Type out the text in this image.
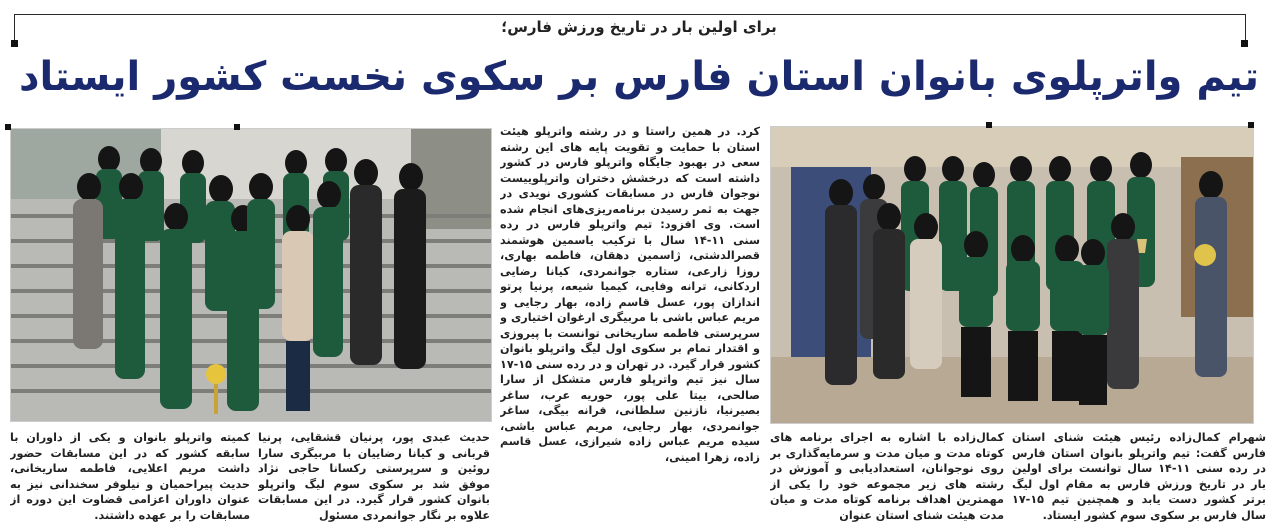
برای اولین بار در تاریخ ورزش فارس؛
تیم واترپلوی بانوان استان فارس بر سکوی نخست کشور ایستاد

کرد. در همین راستا و در رشته واترپلو هیئت استان با حمایت و تقویت پایه های این رشته سعی در بهبود جایگاه واترپلو فارس در کشور داشته است که درخشش دختران واترپلوییست نوجوان فارس در مسابقات کشوری نویدی در جهت به ثمر رسیدن برنامه‌ریزی‌های انجام شده است. وی افزود: تیم واترپلو فارس در رده سنی ۱۱-۱۴ سال با ترکیب یاسمین هوشمند قصرالدشتی، ژاسمین دهقان، فاطمه بهاری، روزا زارعی، ستاره جوانمردی، کیانا رضایی اردکانی، ترانه وفایی، کیمیا شیعه، پرنیا پرتو اندازان پور، عسل قاسم زاده، بهار رجایی و مریم عباس باشی با مربیگری ارغوان اختیاری و سرپرستی فاطمه ساریخانی توانست با پیروزی و اقتدار تمام بر سکوی اول لیگ واترپلو بانوان کشور قرار گیرد. در تهران و در رده سنی ۱۵-۱۷ سال نیز تیم واترپلو فارس متشکل از سارا صالحی، بیتا علی پور، حوریه عرب، ساغر بصیرنیا، نازنین سلطانی، فرانه بیگی، ساغر جوانمردی، بهار رجایی، مریم عباس باشی، سیده مریم عباس زاده شیرازی، عسل قاسم زاده، زهرا امینی،

شهرام کمال‌زاده رئیس هیئت شنای استان فارس گفت: تیم واترپلو بانوان استان فارس در رده سنی ۱۱-۱۴ سال توانست برای اولین بار در تاریخ ورزش فارس به مقام اول لیگ برتر کشور دست یابد و همچنین تیم ۱۵-۱۷ سال فارس بر سکوی سوم کشور ایستاد.

کمال‌زاده با اشاره به اجرای برنامه های کوتاه مدت و میان مدت و سرمایه‌گذاری بر روی نوجوانان، استعدادیابی و آموزش در رشته های زیر مجموعه خود را یکی از مهمترین اهداف برنامه کوتاه مدت و میان مدت هیئت شنای استان عنوان

حدیث عبدی پور، پرنیان قشقایی، پرنیا قربانی و کیانا رضاییان با مربیگری سارا روئین و سرپرستی رکسانا حاجی نژاد موفق شد بر سکوی سوم لیگ واترپلو بانوان کشور قرار گیرد. در این مسابقات علاوه بر نگار جوانمردی مسئول

کمیته واترپلو بانوان و یکی از داوران با سابقه کشور که در این مسابقات حضور داشت مریم اعلایی، فاطمه ساریخانی، حدیث پیراحمیان و نیلوفر سخندانی نیز به عنوان داوران اعزامی قضاوت این دوره از مسابقات را بر عهده داشتند.
